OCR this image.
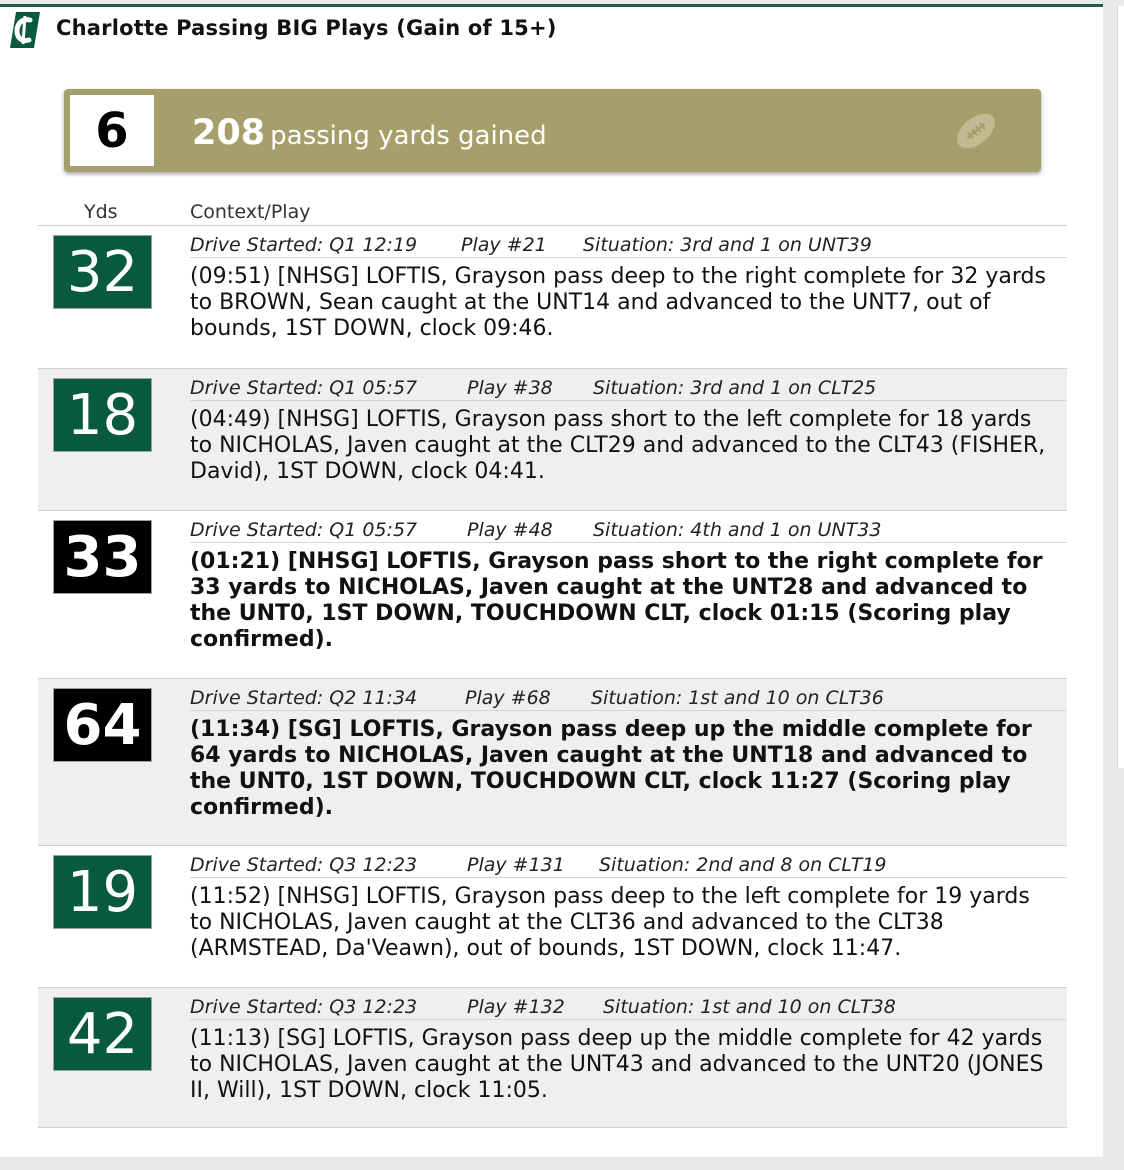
Charlotte Passing BIG Plays (Gain of 15+)
6	208 passing yards gained
Yds	Context/Play
32	Drive Started: Q1 12:19 Play #21 Situation: 3rd and 1 on UNT39
(09:51) [NHSG] LOFTIS, Grayson pass deep to the right complete for 32 yards to BROWN, Sean caught at the UNT14 and advanced to the UNT7, out of bounds, 1ST DOWN, clock 09:46.
18	Drive Started: Q1 05:57	Play #38 Situation: 3rd and 1 on CLT25
(04:49) [NHSG] LOFTIS, Grayson pass short to the left complete for 18 yards to NICHOLAS, Javen caught at the CLT29 and advanced to the CLT43 (FISHER, David), 1ST DOWN, clock 04:41.
33	Drive Started: Q1 05:57	Play #48 Situation: 4th and 1 on UNT33
(01:21) [NHSG] LOFTIS, Grayson pass short to the right complete for 33 yards to NICHOLAS, Javen caught at the UNT28 and advanced to the UNT0, 1ST DOWN, TOUCHDOWN CLT, clock 01:15 (Scoring play confirmed).
64	Drive Started: Q2 11:34	Play #68 Situation: 1st and 10 on CLT36
(11:34) [SG] LOFTIS, Grayson pass deep up the middle complete for 64 yards to NICHOLAS, Javen caught at the UNT18 and advanced to the UNT0, 1ST DOWN, TOUCHDOWN CLT, clock 11:27 (Scoring play confirmed).
19	Drive Started: Q3 12:23	Play #131 Situation: 2nd and 8 on CLT19
(11:52) [NHSG] LOFTIS, Grayson pass deep to the left complete for 19 yards to NICHOLAS, Javen caught at the CLT36 and advanced to the CLT38 (ARMSTEAD, Da'Veawn), out of bounds, 1ST DOWN, clock 11:47.
42	Drive Started: Q3 12:23	Play #132 Situation: 1st and 10 on CLT38
(11:13) [SG] LOFTIS, Grayson pass deep up the middle complete for 42 yards to NICHOLAS, Javen caught at the UNT43 and advanced to the UNT20 (JONES II, Will), 1ST DOWN, clock 11:05.
